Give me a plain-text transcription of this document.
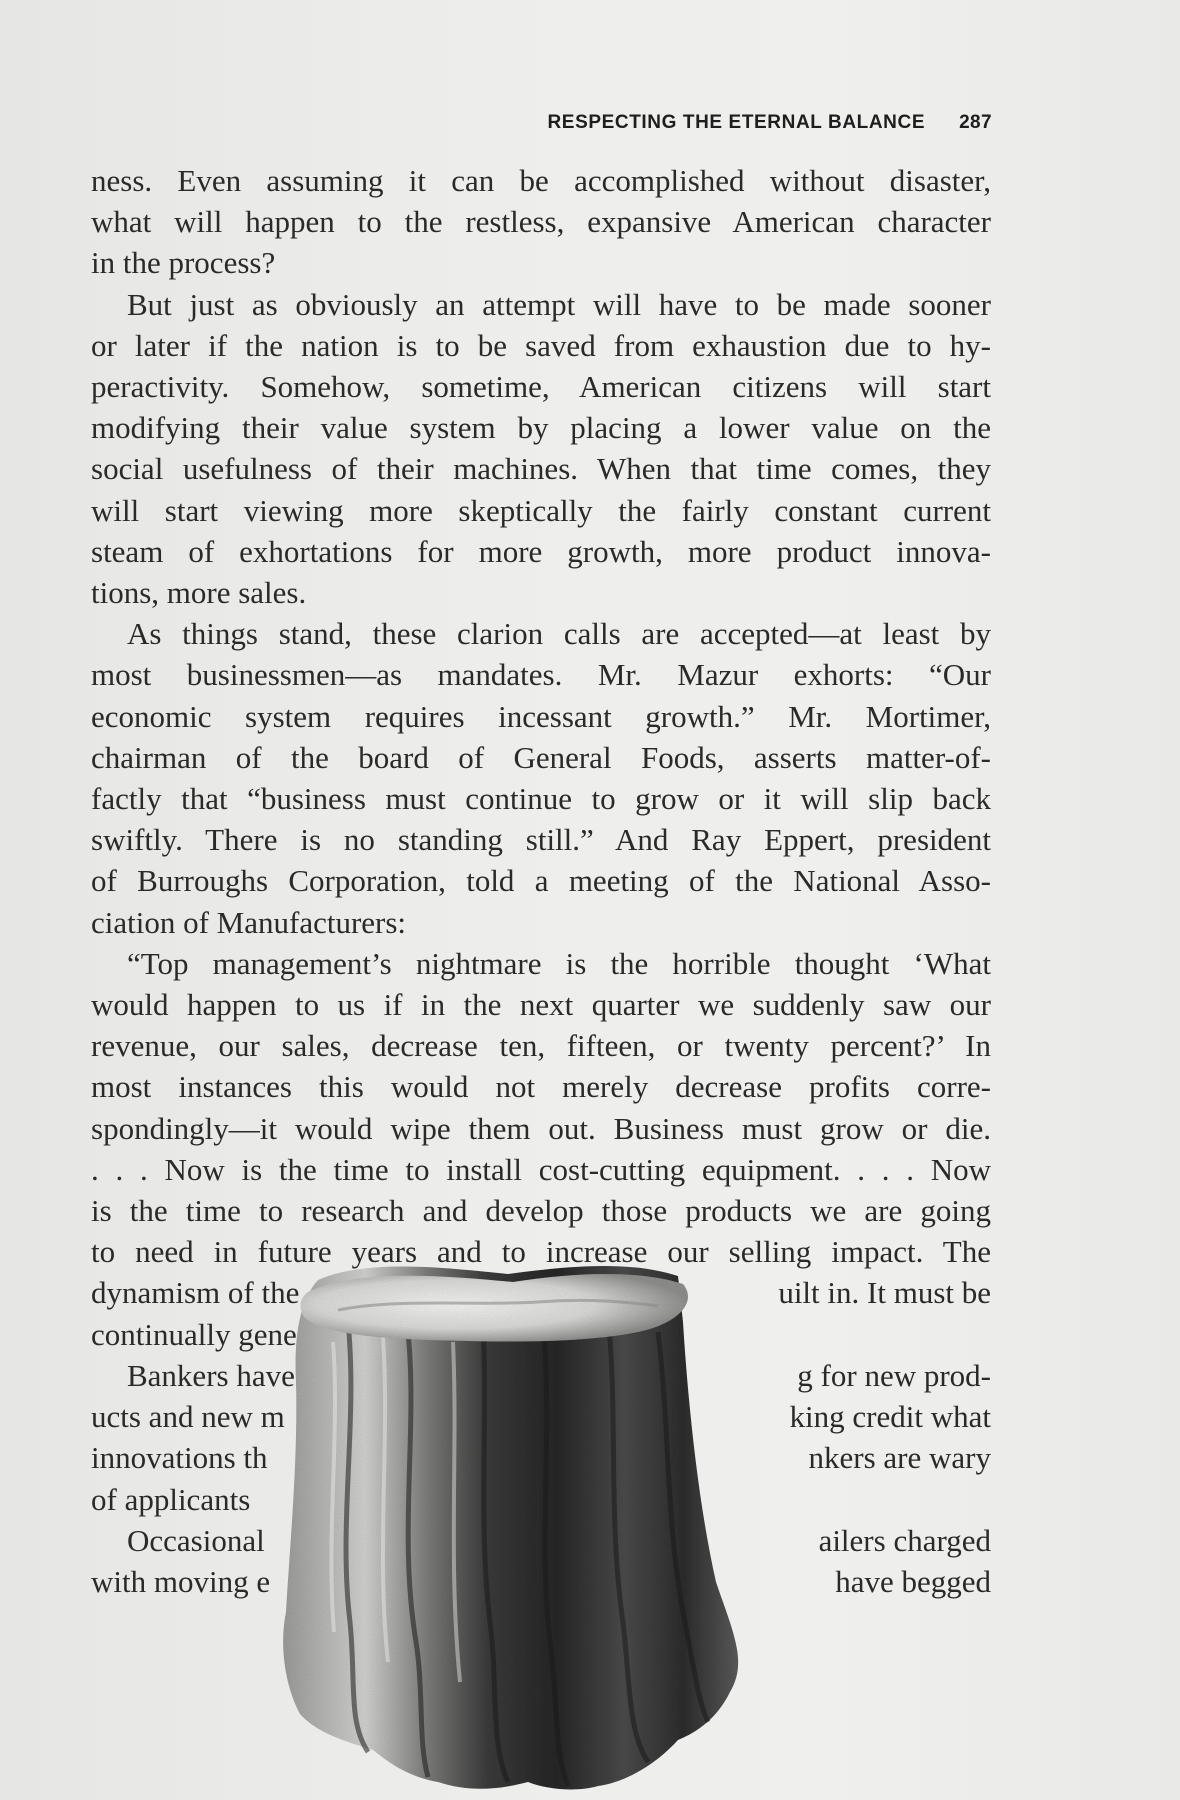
RESPECTING THE ETERNAL BALANCE 287
ness. Even assuming it can be accomplished without disaster,
what will happen to the restless, expansive American character
in the process?
But just as obviously an attempt will have to be made sooner
or later if the nation is to be saved from exhaustion due to hy-
peractivity. Somehow, sometime, American citizens will start
modifying their value system by placing a lower value on the
social usefulness of their machines. When that time comes, they
will start viewing more skeptically the fairly constant current
steam of exhortations for more growth, more product innova-
tions, more sales.
As things stand, these clarion calls are accepted—at least by
most businessmen—as mandates. Mr. Mazur exhorts: “Our
economic system requires incessant growth.” Mr. Mortimer,
chairman of the board of General Foods, asserts matter-of-
factly that “business must continue to grow or it will slip back
swiftly. There is no standing still.” And Ray Eppert, president
of Burroughs Corporation, told a meeting of the National Asso-
ciation of Manufacturers:
“Top management’s nightmare is the horrible thought ‘What
would happen to us if in the next quarter we suddenly saw our
revenue, our sales, decrease ten, fifteen, or twenty percent?’ In
most instances this would not merely decrease profits corre-
spondingly—it would wipe them out. Business must grow or die.
. . . Now is the time to install cost-cutting equipment. . . . Now
is the time to research and develop those products we are going
to need in future years and to increase our selling impact. The
dynamism of the	uilt in. It must be
continually gene
Bankers have	g for new prod-
ucts and new m	king credit what
innovations th	nkers are wary
of applicants
Occasional	ailers charged
with moving e	have begged
